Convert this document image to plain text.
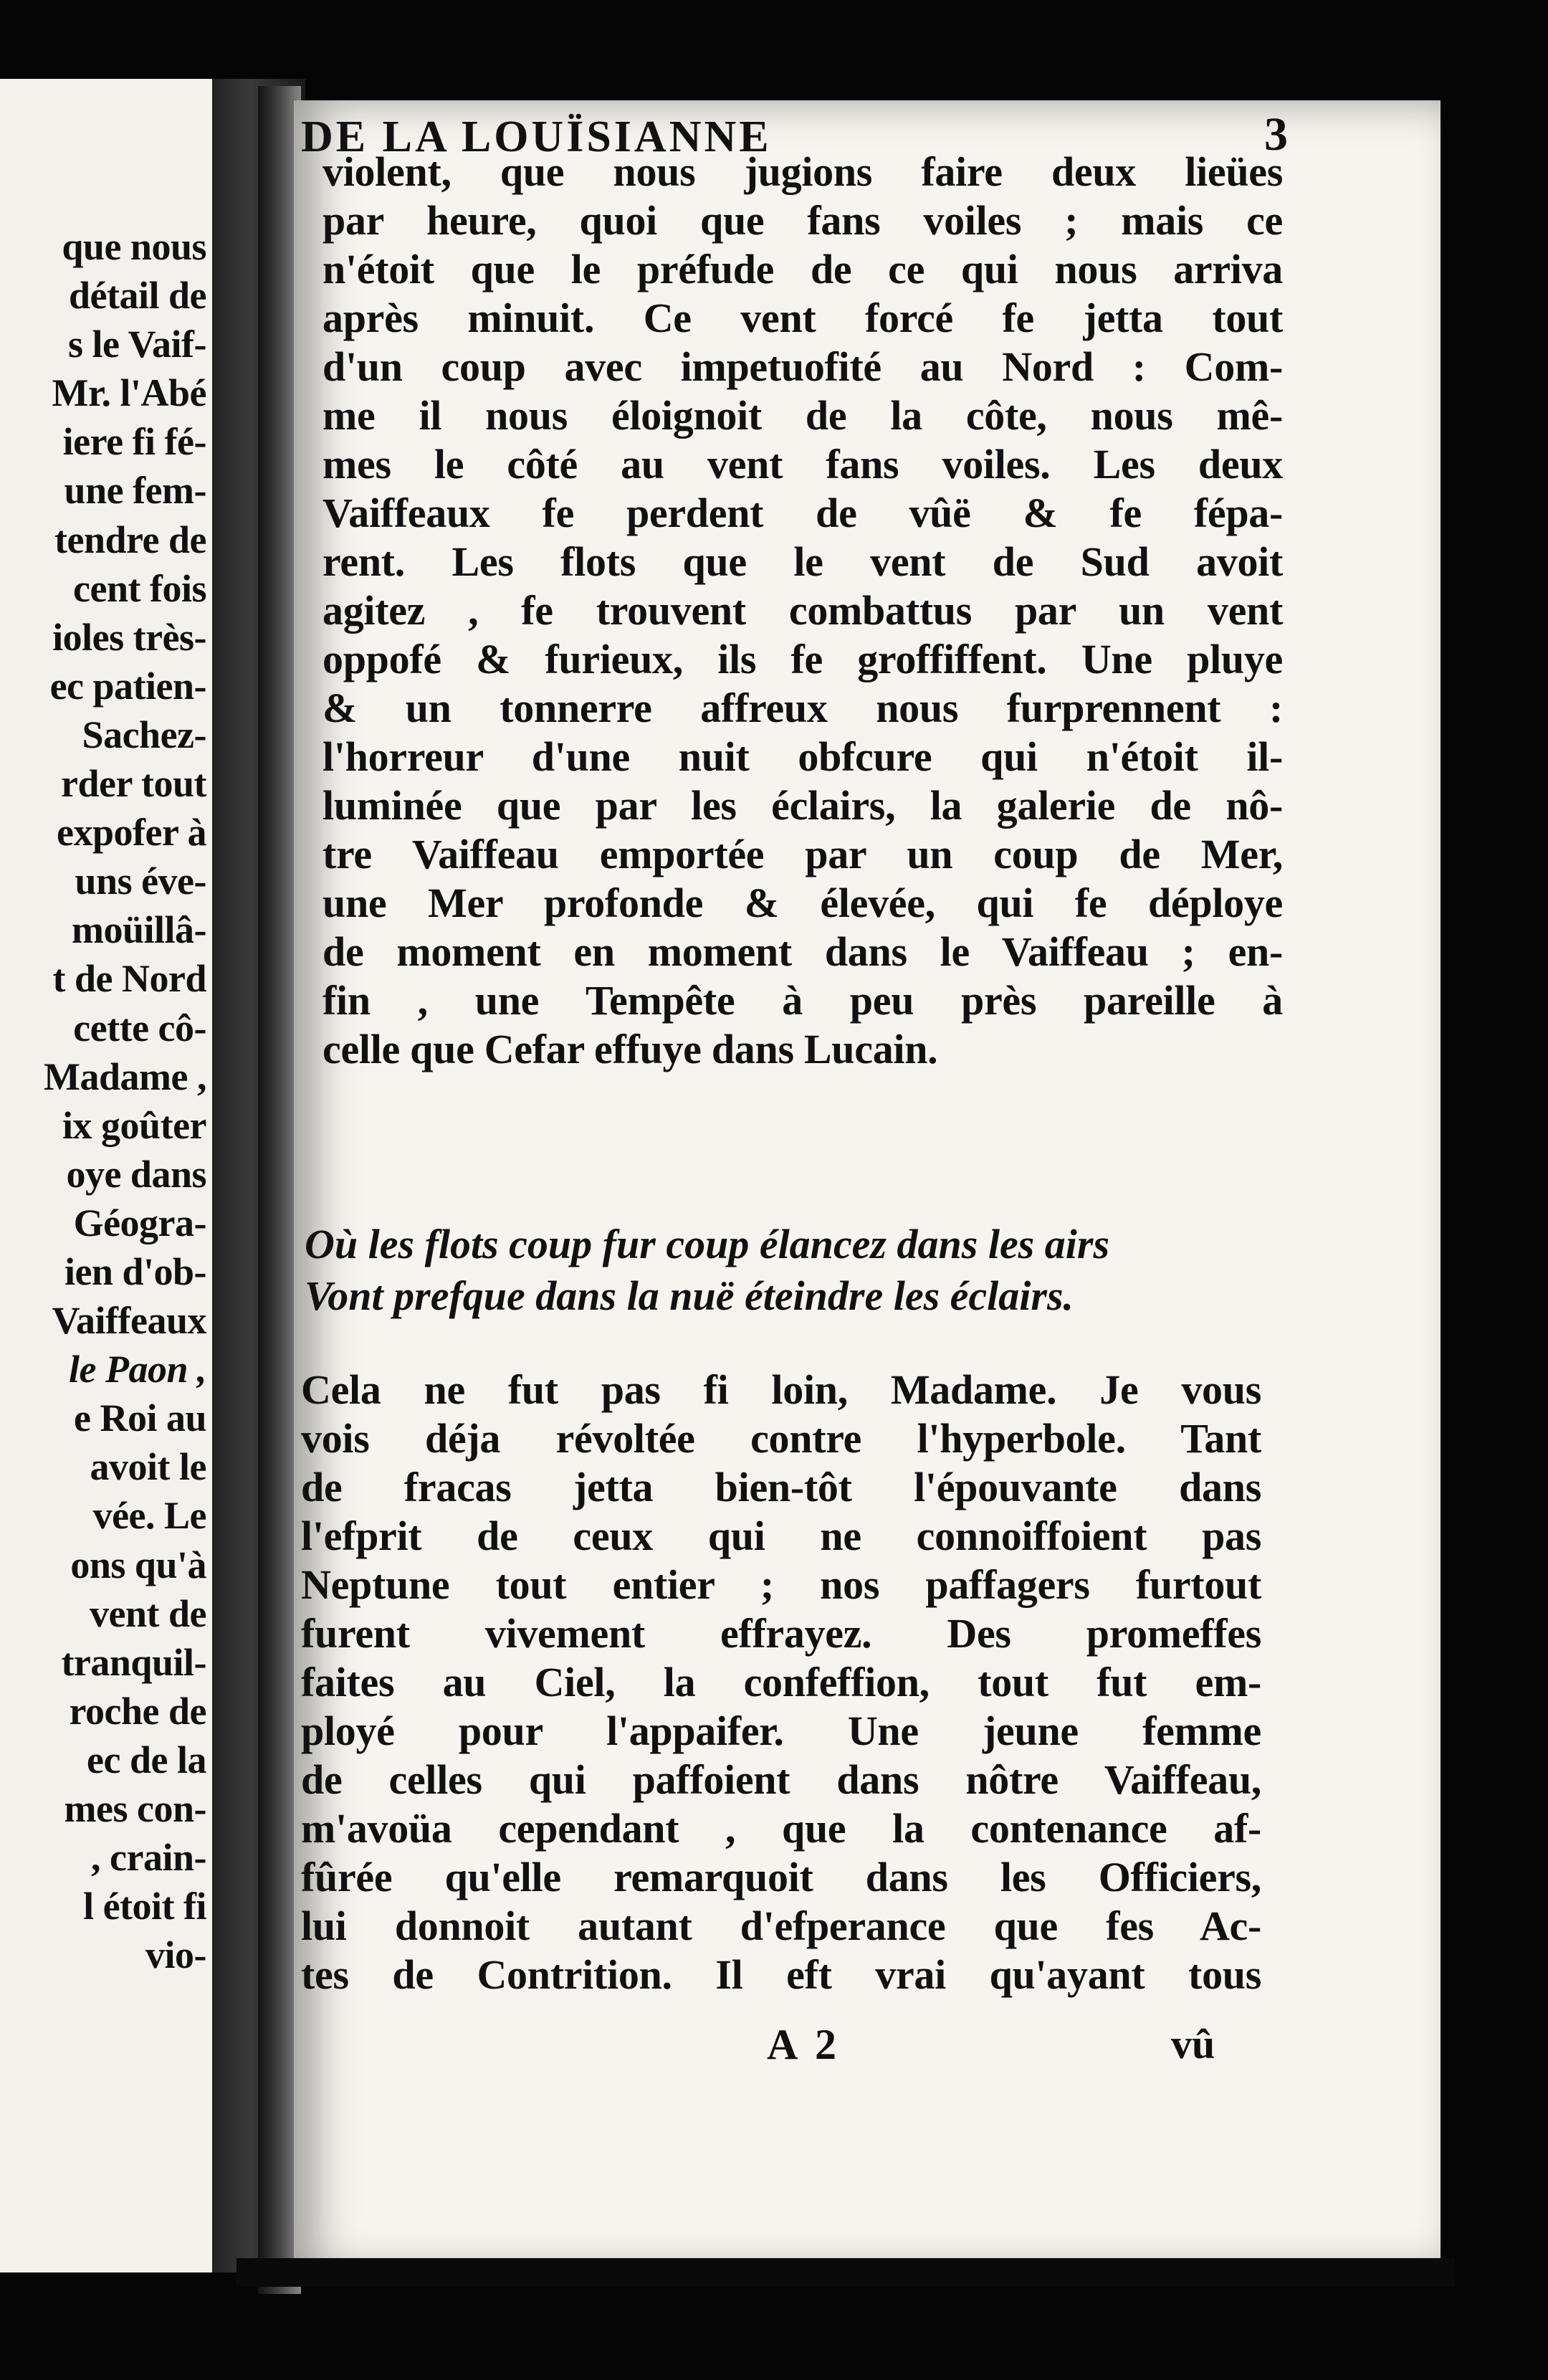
que nous
détail de
s le Vaif-
Mr. l'Abé
iere fi fé-
une fem-
tendre de
cent fois
ioles très-
ec patien-
Sachez-
rder tout
expofer à
uns éve-
moüillâ-
t de Nord
cette cô-
Madame ,
ix goûter
oye dans
Géogra-
ien d'ob-
Vaiffeaux
le Paon ,
e Roi au
avoit le
vée. Le
ons qu'à
vent de
tranquil-
roche de
ec de la
mes con-
, crain-
l étoit fi
vio-
DE LA LOUÏSIANNE	3
violent, que nous jugions faire deux lieües
par heure, quoi que fans voiles ; mais ce
n'étoit que le préfude de ce qui nous arriva
après minuit. Ce vent forcé fe jetta tout
d'un coup avec impetuofité au Nord : Com-
me il nous éloignoit de la côte, nous mê-
mes le côté au vent fans voiles. Les deux
Vaiffeaux fe perdent de vûë & fe fépa-
rent. Les flots que le vent de Sud avoit
agitez , fe trouvent combattus par un vent
oppofé & furieux, ils fe groffiffent. Une pluye
& un tonnerre affreux nous furprennent :
l'horreur d'une nuit obfcure qui n'étoit il-
luminée que par les éclairs, la galerie de nô-
tre Vaiffeau emportée par un coup de Mer,
une Mer profonde & élevée, qui fe déploye
de moment en moment dans le Vaiffeau ; en-
fin , une Tempête à peu près pareille à
celle que Cefar effuye dans Lucain.
Où les flots coup fur coup élancez dans les airs
Vont prefque dans la nuë éteindre les éclairs.
Cela ne fut pas fi loin, Madame. Je vous
vois déja révoltée contre l'hyperbole. Tant
de fracas jetta bien-tôt l'épouvante dans
l'efprit de ceux qui ne connoiffoient pas
Neptune tout entier ; nos paffagers furtout
furent vivement effrayez. Des promeffes
faites au Ciel, la confeffion, tout fut em-
ployé pour l'appaifer. Une jeune femme
de celles qui paffoient dans nôtre Vaiffeau,
m'avoüa cependant , que la contenance af-
fûrée qu'elle remarquoit dans les Officiers,
lui donnoit autant d'efperance que fes Ac-
tes de Contrition. Il eft vrai qu'ayant tous
A 2	vû
